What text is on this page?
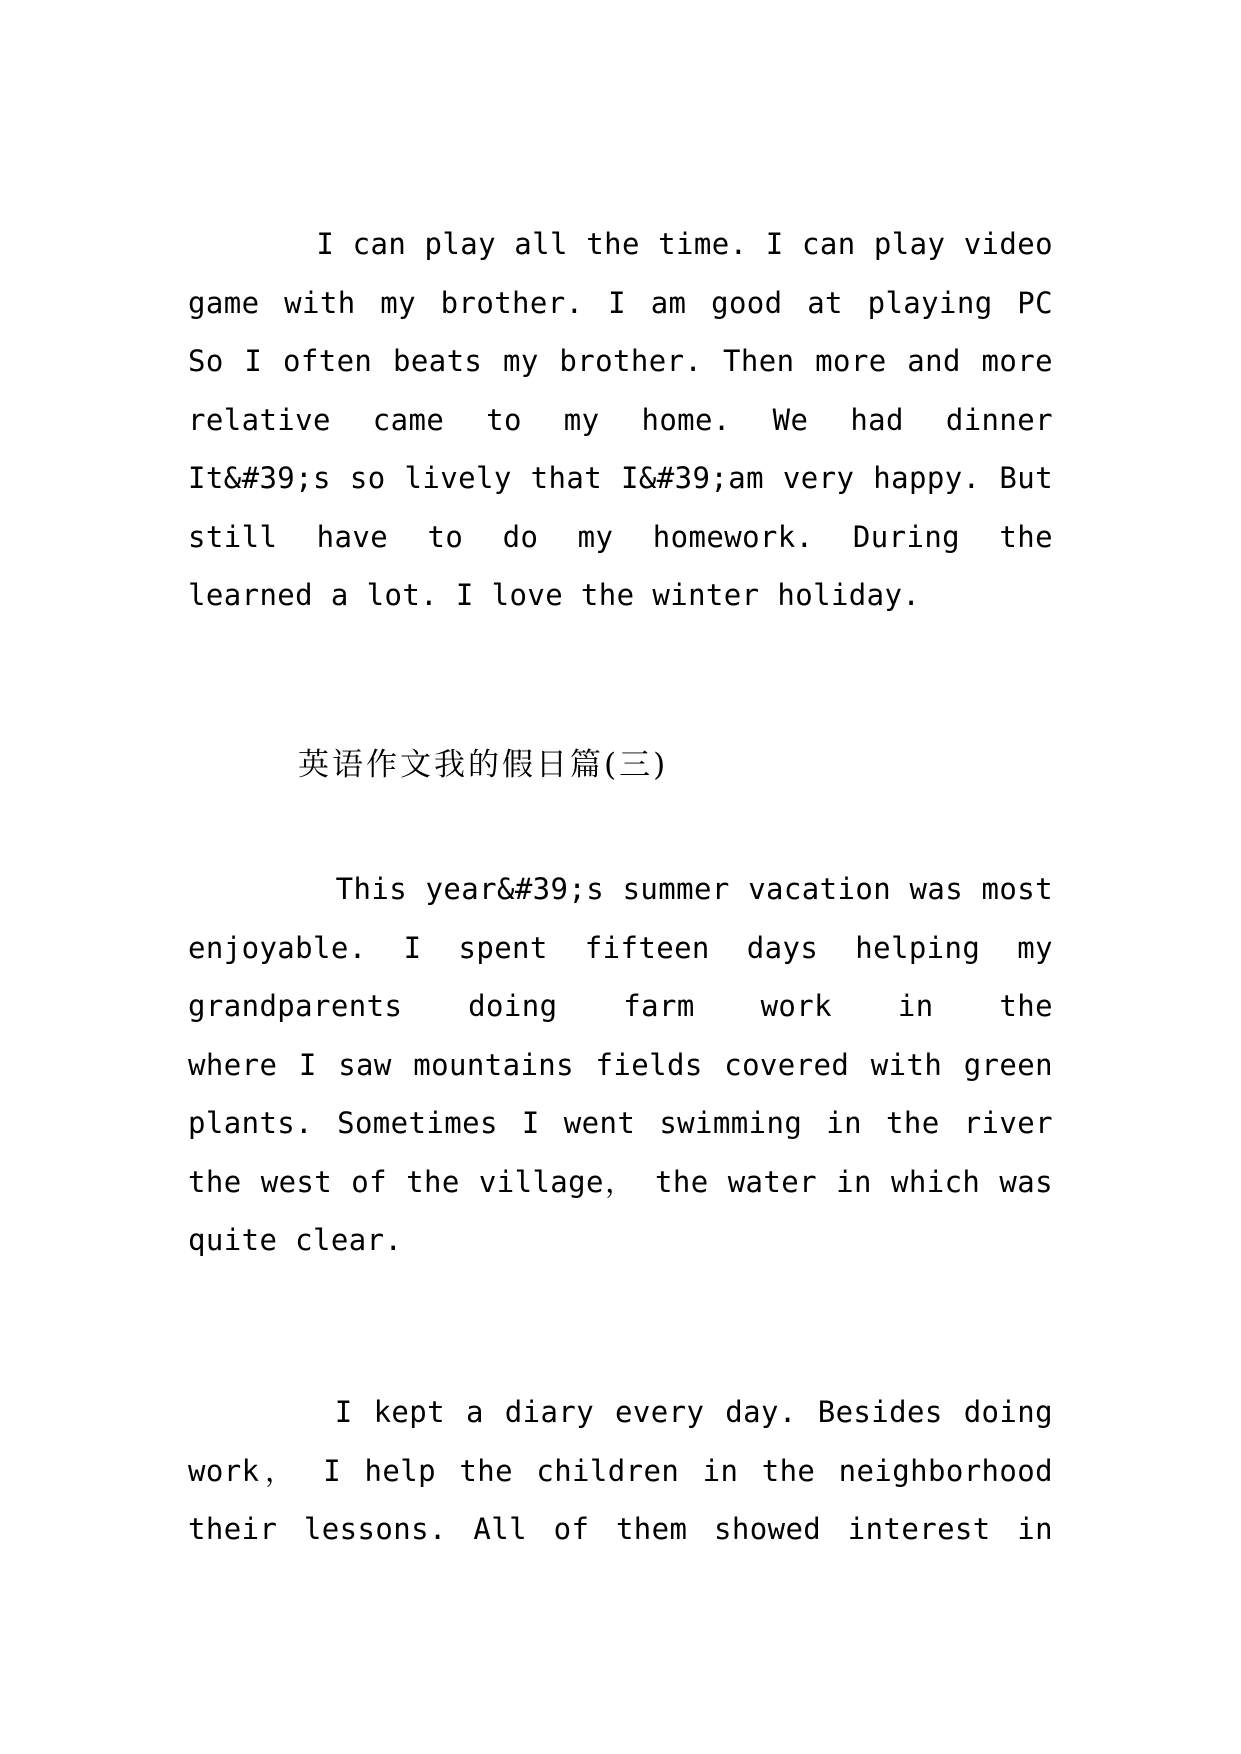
I can play all the time. I can play video
game with my brother. I am good at playing PC
So I often beats my brother. Then more and more
relative came to my home. We had dinner
It&#39;s so lively that I&#39;am very happy. But
still have to do my homework. During the
learned a lot. I love the winter holiday.
英语作文我的假日篇(三)
This year&#39;s summer vacation was most
enjoyable. I spent fifteen days helping my
grandparents doing farm work in the
where I saw mountains fields covered with green
plants. Sometimes I went swimming in the river
the west of the village， the water in which was
quite clear.
I kept a diary every day. Besides doing
work， I help the children in the neighborhood
their lessons. All of them showed interest in
